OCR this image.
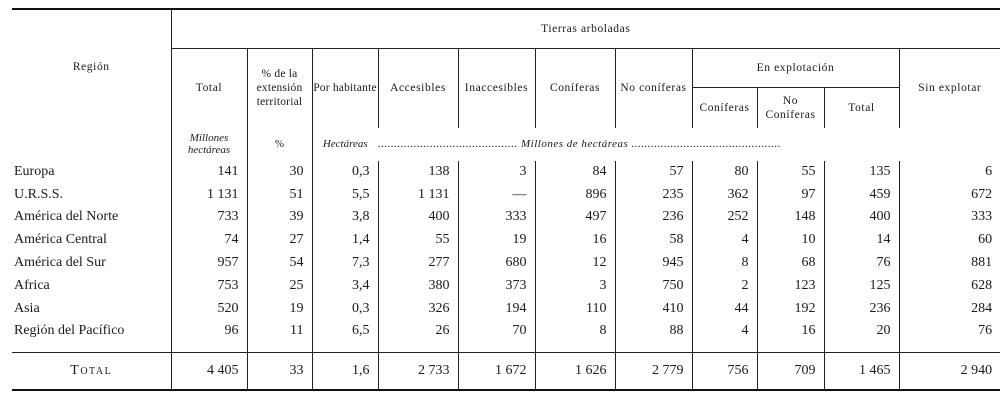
Región	Tierras arboladas										
	Total	% de la extensión territorial	Por habitante	Accesibles	Inaccesibles	Coníferas	No coníferas	En explotación			Sin explotar
								Coníferas	No Coníferas	Total	
	Millones hectáreas	%	Hectáreas	........................................... Millones de hectáreas ..............................................							
Europa	141	30	0,3	138	3	84	57	80	55	135	6
U.R.S.S.	1 131	51	5,5	1 131	—	896	235	362	97	459	672
América del Norte	733	39	3,8	400	333	497	236	252	148	400	333
América Central	74	27	1,4	55	19	16	58	4	10	14	60
América del Sur	957	54	7,3	277	680	12	945	8	68	76	881
Africa	753	25	3,4	380	373	3	750	2	123	125	628
Asia	520	19	0,3	326	194	110	410	44	192	236	284
Región del Pacífico	96	11	6,5	26	70	8	88	4	16	20	76

Total	4 405	33	1,6	2 733	1 672	1 626	2 779	756	709	1 465	2 940
